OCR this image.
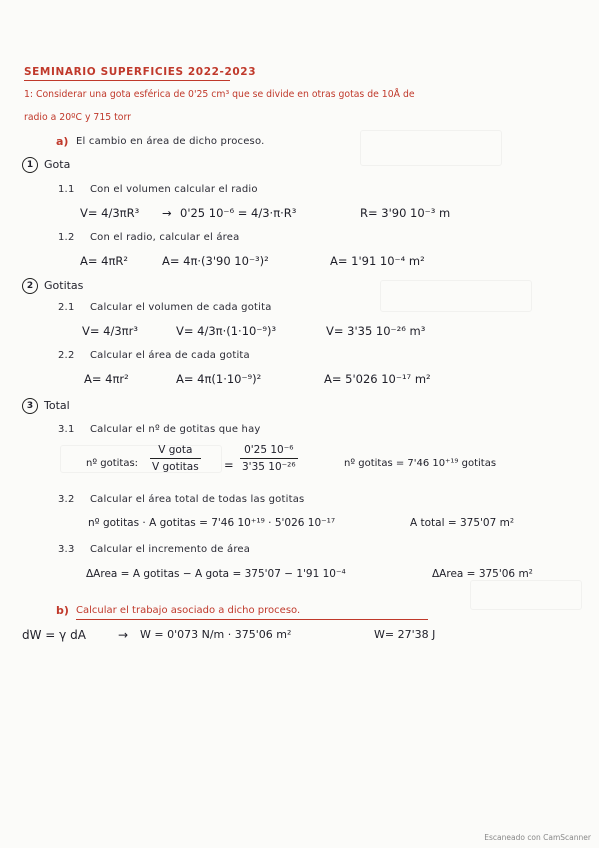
SEMINARIO SUPERFICIES 2022-2023
1: Considerar una gota esférica de 0'25 cm³ que se divide en otras gotas de 10Å de
radio a 20ºC y 715 torr
a) El cambio en área de dicho proceso.
1 Gota
1.1 Con el volumen calcular el radio
V= 4/3πR³ → 0'25 10⁻⁶ = 4/3·π·R³	R= 3'90 10⁻³ m
1.2 Con el radio, calcular el área
A= 4πR²	A= 4π·(3'90 10⁻³)²	A= 1'91 10⁻⁴ m²
2 Gotitas
2.1 Calcular el volumen de cada gotita
V= 4/3πr³	V= 4/3π·(1·10⁻⁹)³	V= 3'35 10⁻²⁶ m³
2.2 Calcular el área de cada gotita
A= 4πr²	A= 4π(1·10⁻⁹)²	A= 5'026 10⁻¹⁷ m²
3 Total
3.1 Calcular el nº de gotitas que hay
nº gotitas:
V gota
V gotitas =
0'25 10⁻⁶
3'35 10⁻²⁶	nº gotitas = 7'46 10⁺¹⁹ gotitas
3.2 Calcular el área total de todas las gotitas
nº gotitas · A gotitas = 7'46 10⁺¹⁹ · 5'026 10⁻¹⁷	A total = 375'07 m²
3.3 Calcular el incremento de área
ΔArea = A gotitas − A gota = 375'07 − 1'91 10⁻⁴	ΔArea = 375'06 m²
b) Calcular el trabajo asociado a dicho proceso.
dW = γ dA	→ W = 0'073 N/m · 375'06 m²	W= 27'38 J
Escaneado con CamScanner
